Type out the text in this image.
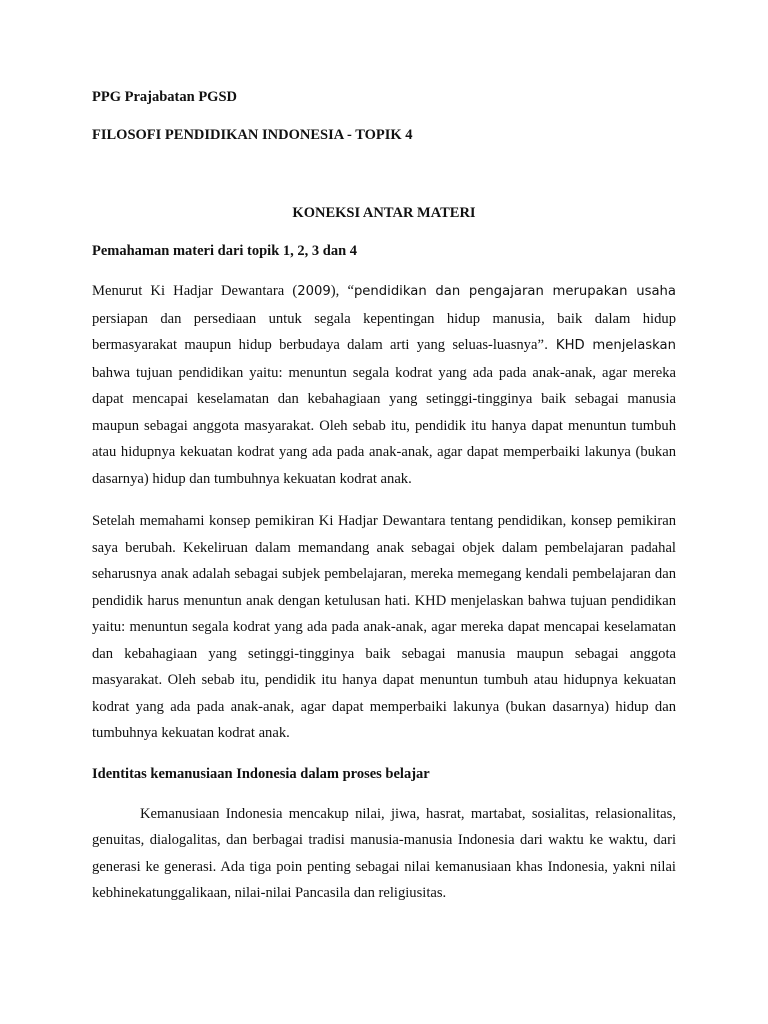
PPG Prajabatan PGSD

FILOSOFI PENDIDIKAN INDONESIA - TOPIK 4

KONEKSI ANTAR MATERI

Pemahaman materi dari topik 1, 2, 3 dan 4

Menurut Ki Hadjar Dewantara (2009), “pendidikan dan pengajaran merupakan usaha persiapan dan persediaan untuk segala kepentingan hidup manusia, baik dalam hidup bermasyarakat maupun hidup berbudaya dalam arti yang seluas-luasnya”. KHD menjelaskan bahwa tujuan pendidikan yaitu: menuntun segala kodrat yang ada pada anak-anak, agar mereka dapat mencapai keselamatan dan kebahagiaan yang setinggi-tingginya baik sebagai manusia maupun sebagai anggota masyarakat. Oleh sebab itu, pendidik itu hanya dapat menuntun tumbuh atau hidupnya kekuatan kodrat yang ada pada anak-anak, agar dapat memperbaiki lakunya (bukan dasarnya) hidup dan tumbuhnya kekuatan kodrat anak.

Setelah memahami konsep pemikiran Ki Hadjar Dewantara tentang pendidikan, konsep pemikiran saya berubah. Kekeliruan dalam memandang anak sebagai objek dalam pembelajaran padahal seharusnya anak adalah sebagai subjek pembelajaran, mereka memegang kendali pembelajaran dan pendidik harus menuntun anak dengan ketulusan hati. KHD menjelaskan bahwa tujuan pendidikan yaitu: menuntun segala kodrat yang ada pada anak-anak, agar mereka dapat mencapai keselamatan dan kebahagiaan yang setinggi-tingginya baik sebagai manusia maupun sebagai anggota masyarakat. Oleh sebab itu, pendidik itu hanya dapat menuntun tumbuh atau hidupnya kekuatan kodrat yang ada pada anak-anak, agar dapat memperbaiki lakunya (bukan dasarnya) hidup dan tumbuhnya kekuatan kodrat anak.

Identitas kemanusiaan Indonesia dalam proses belajar

Kemanusiaan Indonesia mencakup nilai, jiwa, hasrat, martabat, sosialitas, relasionalitas, genuitas, dialogalitas, dan berbagai tradisi manusia-manusia Indonesia dari waktu ke waktu, dari generasi ke generasi. Ada tiga poin penting sebagai nilai kemanusiaan khas Indonesia, yakni nilai kebhinekatunggalikaan, nilai-nilai Pancasila dan religiusitas.
